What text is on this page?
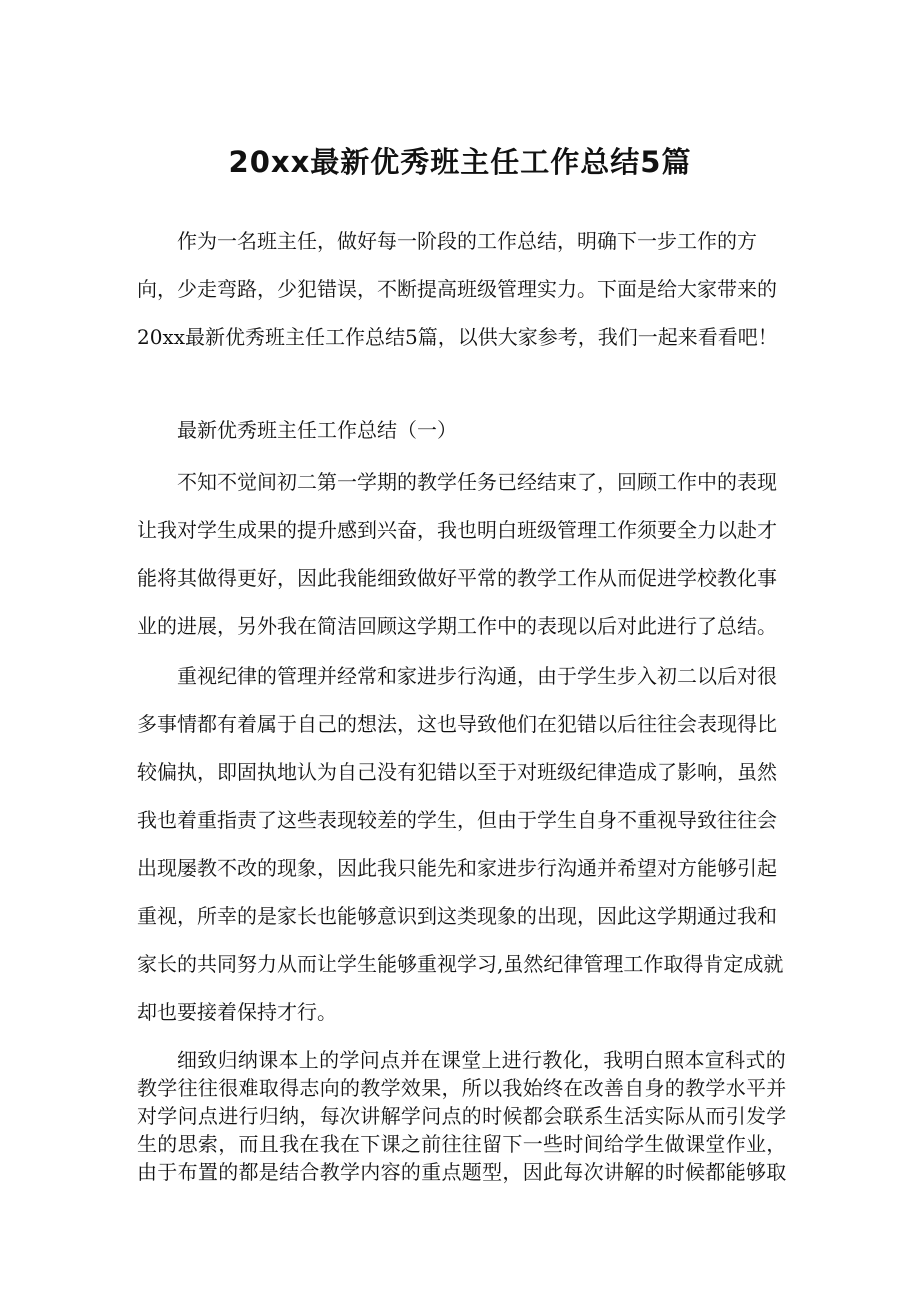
20xx最新优秀班主任工作总结5篇

作为一名班主任，做好每一阶段的工作总结，明确下一步工作的方向，少走弯路，少犯错误，不断提高班级管理实力。下面是给大家带来的20xx最新优秀班主任工作总结5篇，以供大家参考，我们一起来看看吧！

最新优秀班主任工作总结（一）

不知不觉间初二第一学期的教学任务已经结束了，回顾工作中的表现让我对学生成果的提升感到兴奋，我也明白班级管理工作须要全力以赴才能将其做得更好，因此我能细致做好平常的教学工作从而促进学校教化事业的进展，另外我在简洁回顾这学期工作中的表现以后对此进行了总结。

重视纪律的管理并经常和家进步行沟通，由于学生步入初二以后对很多事情都有着属于自己的想法，这也导致他们在犯错以后往往会表现得比较偏执，即固执地认为自己没有犯错以至于对班级纪律造成了影响，虽然我也着重指责了这些表现较差的学生，但由于学生自身不重视导致往往会出现屡教不改的现象，因此我只能先和家进步行沟通并希望对方能够引起重视，所幸的是家长也能够意识到这类现象的出现，因此这学期通过我和家长的共同努力从而让学生能够重视学习,虽然纪律管理工作取得肯定成就却也要接着保持才行。

细致归纳课本上的学问点并在课堂上进行教化，我明白照本宣科式的教学往往很难取得志向的教学效果，所以我始终在改善自身的教学水平并对学问点进行归纳，每次讲解学问点的时候都会联系生活实际从而引发学生的思索，而且我在我在下课之前往往留下一些时间给学生做课堂作业，由于布置的都是结合教学内容的重点题型，因此每次讲解的时候都能够取
